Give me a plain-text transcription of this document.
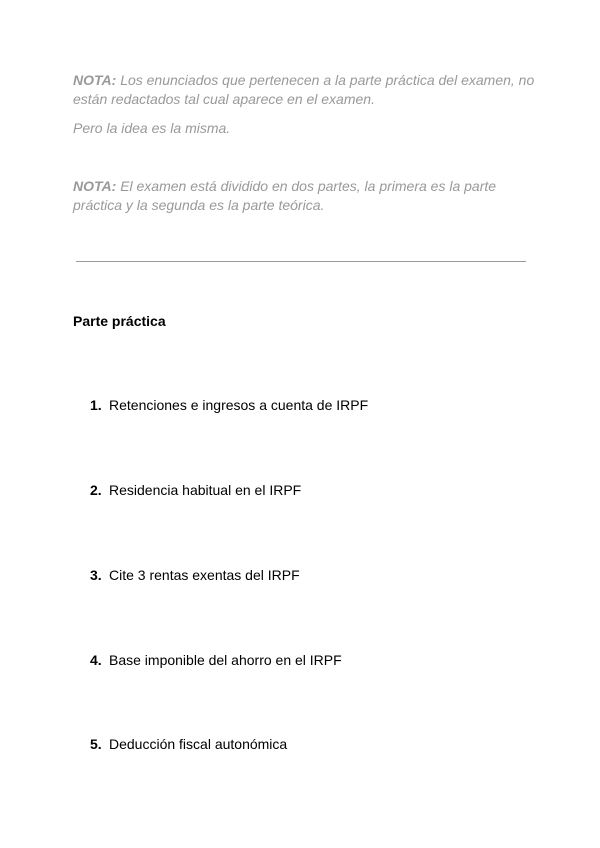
NOTA: Los enunciados que pertenecen a la parte práctica del examen, no están redactados tal cual aparece en el examen.
Pero la idea es la misma.
NOTA: El examen está dividido en dos partes, la primera es la parte práctica y la segunda es la parte teórica.
Parte práctica
1. Retenciones e ingresos a cuenta de IRPF
2. Residencia habitual en el IRPF
3. Cite 3 rentas exentas del IRPF
4. Base imponible del ahorro en el IRPF
5. Deducción fiscal autonómica
